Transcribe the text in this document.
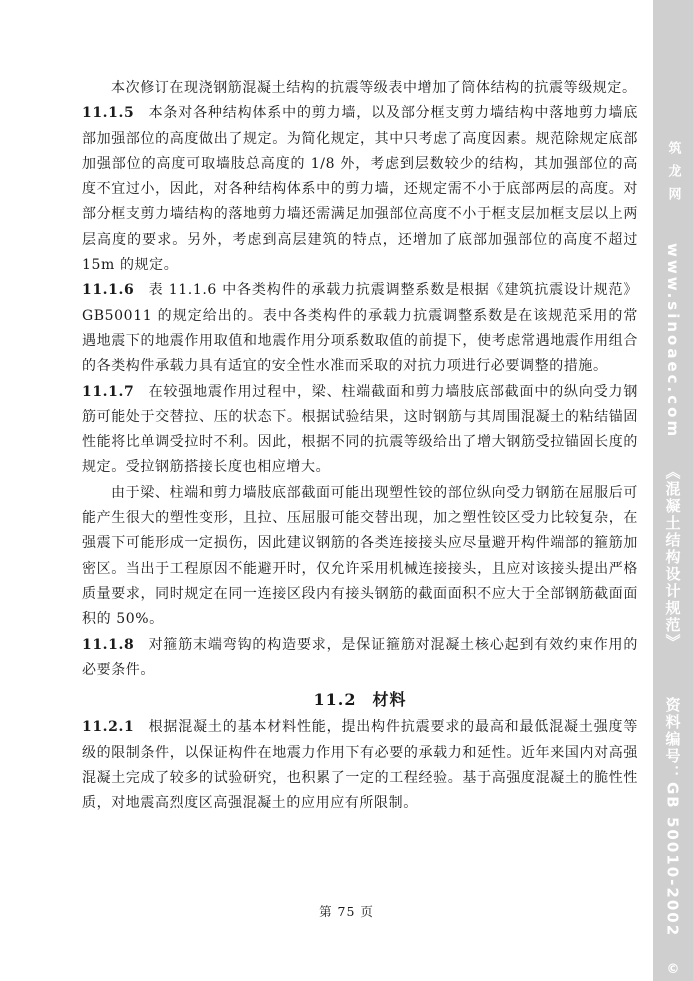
本次修订在现浇钢筋混凝土结构的抗震等级表中增加了筒体结构的抗震等级规定。

11.1.5 本条对各种结构体系中的剪力墙，以及部分框支剪力墙结构中落地剪力墙底部加强部位的高度做出了规定。为简化规定，其中只考虑了高度因素。规范除规定底部加强部位的高度可取墙肢总高度的 1/8 外，考虑到层数较少的结构，其加强部位的高度不宜过小，因此，对各种结构体系中的剪力墙，还规定需不小于底部两层的高度。对部分框支剪力墙结构的落地剪力墙还需满足加强部位高度不小于框支层加框支层以上两层高度的要求。另外，考虑到高层建筑的特点，还增加了底部加强部位的高度不超过 15m 的规定。

11.1.6 表 11.1.6 中各类构件的承载力抗震调整系数是根据《建筑抗震设计规范》GB50011 的规定给出的。表中各类构件的承载力抗震调整系数是在该规范采用的常遇地震下的地震作用取值和地震作用分项系数取值的前提下，使考虑常遇地震作用组合的各类构件承载力具有适宜的安全性水准而采取的对抗力项进行必要调整的措施。

11.1.7 在较强地震作用过程中，梁、柱端截面和剪力墙肢底部截面中的纵向受力钢筋可能处于交替拉、压的状态下。根据试验结果，这时钢筋与其周围混凝土的粘结锚固性能将比单调受拉时不利。因此，根据不同的抗震等级给出了增大钢筋受拉锚固长度的规定。受拉钢筋搭接长度也相应增大。

由于梁、柱端和剪力墙肢底部截面可能出现塑性铰的部位纵向受力钢筋在屈服后可能产生很大的塑性变形，且拉、压屈服可能交替出现，加之塑性铰区受力比较复杂，在强震下可能形成一定损伤，因此建议钢筋的各类连接接头应尽量避开构件端部的箍筋加密区。当出于工程原因不能避开时，仅允许采用机械连接接头，且应对该接头提出严格质量要求，同时规定在同一连接区段内有接头钢筋的截面面积不应大于全部钢筋截面面积的 50%。

11.1.8 对箍筋末端弯钩的构造要求，是保证箍筋对混凝土核心起到有效约束作用的必要条件。

11.2 材料

11.2.1 根据混凝土的基本材料性能，提出构件抗震要求的最高和最低混凝土强度等级的限制条件，以保证构件在地震力作用下有必要的承载力和延性。近年来国内对高强混凝土完成了较多的试验研究，也积累了一定的工程经验。基于高强度混凝土的脆性性质，对地震高烈度区高强混凝土的应用应有所限制。

第 75 页
筑龙网
www.sinoaec.com
《混凝土结构设计规范》
资料编号：GB 50010-2002
©
